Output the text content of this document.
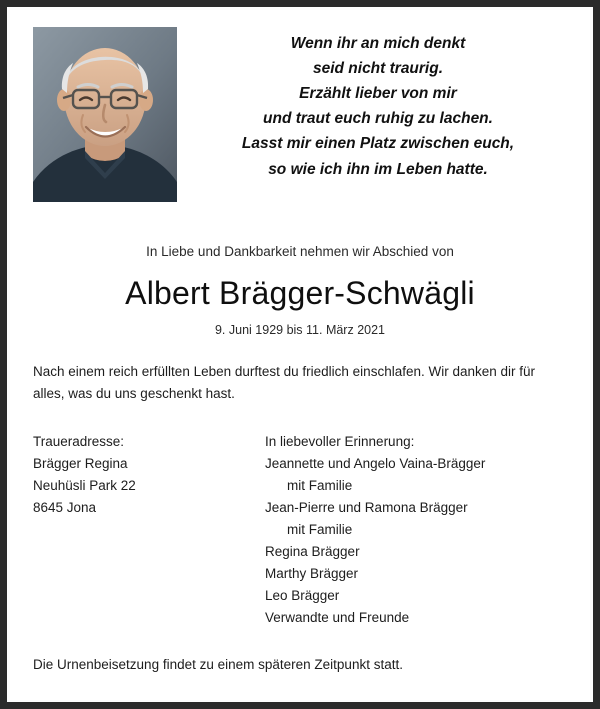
Wenn ihr an mich denkt
seid nicht traurig.
Erzählt lieber von mir
und traut euch ruhig zu lachen.
Lasst mir einen Platz zwischen euch,
so wie ich ihn im Leben hatte.
In Liebe und Dankbarkeit nehmen wir Abschied von
Albert Brägger-Schwägli
9. Juni 1929 bis 11. März 2021
Nach einem reich erfüllten Leben durftest du friedlich einschlafen. Wir danken dir für alles, was du uns geschenkt hast.
Traueradresse:
Brägger Regina
Neuhüsli Park 22
8645 Jona
In liebevoller Erinnerung:
Jeannette und Angelo Vaina-Brägger
mit Familie
Jean-Pierre und Ramona Brägger
mit Familie
Regina Brägger
Marthy Brägger
Leo Brägger
Verwandte und Freunde
Die Urnenbeisetzung findet zu einem späteren Zeitpunkt statt.
